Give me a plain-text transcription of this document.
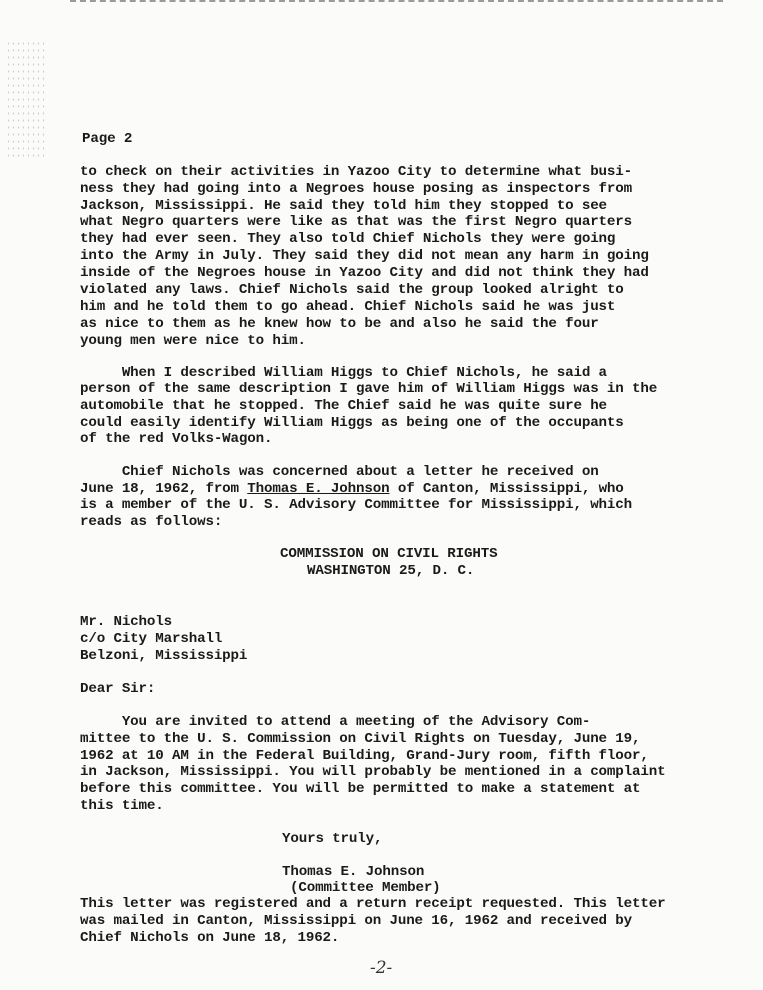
Page 2
to check on their activities in Yazoo City to determine what busi-
ness they had going into a Negroes house posing as inspectors from
Jackson, Mississippi. He said they told him they stopped to see
what Negro quarters were like as that was the first Negro quarters
they had ever seen. They also told Chief Nichols they were going
into the Army in July. They said they did not mean any harm in going
inside of the Negroes house in Yazoo City and did not think they had
violated any laws. Chief Nichols said the group looked alright to
him and he told them to go ahead. Chief Nichols said he was just
as nice to them as he knew how to be and also he said the four
young men were nice to him.
When I described William Higgs to Chief Nichols, he said a
person of the same description I gave him of William Higgs was in the
automobile that he stopped. The Chief said he was quite sure he
could easily identify William Higgs as being one of the occupants
of the red Volks-Wagon.
Chief Nichols was concerned about a letter he received on
June 18, 1962, from Thomas E. Johnson of Canton, Mississippi, who
is a member of the U. S. Advisory Committee for Mississippi, which
reads as follows:
COMMISSION ON CIVIL RIGHTS
WASHINGTON 25, D. C.
Mr. Nichols
c/o City Marshall
Belzoni, Mississippi
Dear Sir:
You are invited to attend a meeting of the Advisory Com-
mittee to the U. S. Commission on Civil Rights on Tuesday, June 19,
1962 at 10 AM in the Federal Building, Grand-Jury room, fifth floor,
in Jackson, Mississippi. You will probably be mentioned in a complaint
before this committee. You will be permitted to make a statement at
this time.
Yours truly,
Thomas E. Johnson
(Committee Member)
This letter was registered and a return receipt requested. This letter
was mailed in Canton, Mississippi on June 16, 1962 and received by
Chief Nichols on June 18, 1962.
-2-
